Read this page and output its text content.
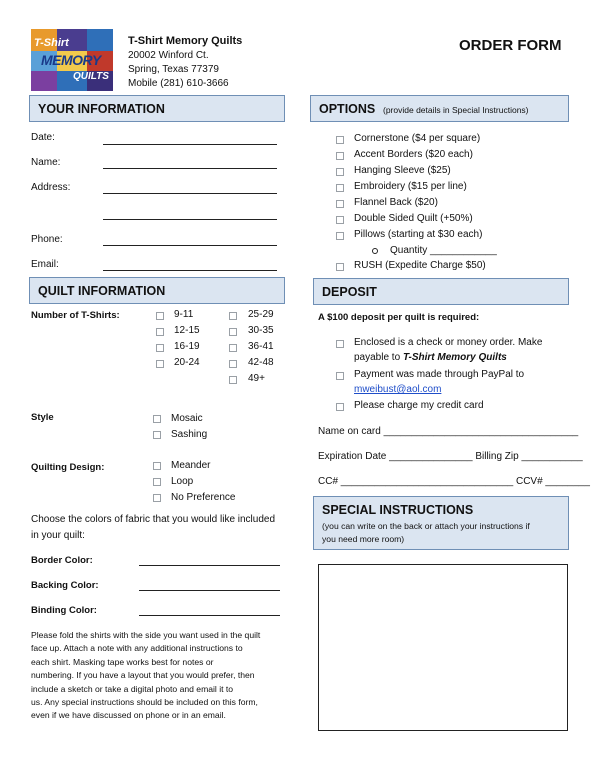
T-Shirt
MEMORY
QUILTS
T-Shirt Memory Quilts
20002 Winford Ct.
Spring, Texas 77379
Mobile (281) 610-3666
ORDER FORM
YOUR INFORMATION
Date:
Name:
Address:
Phone:
Email:
QUILT INFORMATION
Number of T-Shirts:	9-11
12-15
16-19
20-24
25-29
30-35
36-41
42-48
49+
Style	Mosaic
Sashing
Quilting Design:	Meander
Loop
No Preference
Choose the colors of fabric that you would like included
in your quilt:
Border Color:
Backing Color:
Binding Color:
Please fold the shirts with the side you want used in the quilt
face up. Attach a note with any additional instructions to
each shirt. Masking tape works best for notes or
numbering. If you have a layout that you would prefer, then
include a sketch or take a digital photo and email it to
us. Any special instructions should be included on this form,
even if we have discussed on phone or in an email.
OPTIONS (provide details in Special Instructions)
Cornerstone ($4 per square)
Accent Borders ($20 each)
Hanging Sleeve ($25)
Embroidery ($15 per line)
Flannel Back ($20)
Double Sided Quilt (+50%)
Pillows (starting at $30 each)
Quantity ____________
RUSH (Expedite Charge $50)
DEPOSIT
A $100 deposit per quilt is required:
Enclosed is a check or money order. Make
payable to T-Shirt Memory Quilts
Payment was made through PayPal to
mweibust@aol.com
Please charge my credit card
Name on card ___________________________________
Expiration Date _______________ Billing Zip ___________
CC# _______________________________ CCV# ________
SPECIAL INSTRUCTIONS
(you can write on the back or attach your instructions if
you need more room)
